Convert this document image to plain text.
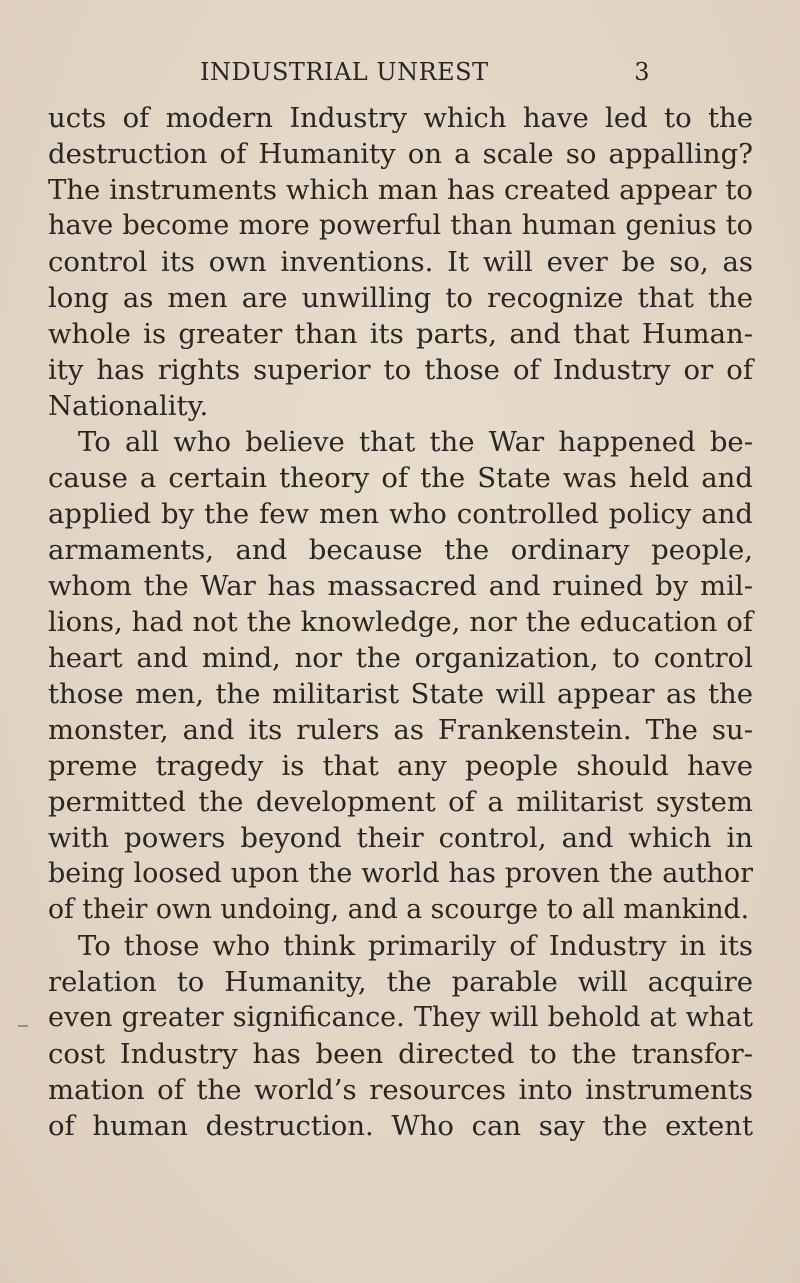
INDUSTRIAL UNREST	3

ucts of modern Industry which have led to the
destruction of Humanity on a scale so appalling?
The instruments which man has created appear to
have become more powerful than human genius to
control its own inventions. It will ever be so, as
long as men are unwilling to recognize that the
whole is greater than its parts, and that Human-
ity has rights superior to those of Industry or of
Nationality.

To all who believe that the War happened be-
cause a certain theory of the State was held and
applied by the few men who controlled policy and
armaments, and because the ordinary people,
whom the War has massacred and ruined by mil-
lions, had not the knowledge, nor the education of
heart and mind, nor the organization, to control
those men, the militarist State will appear as the
monster, and its rulers as Frankenstein. The su-
preme tragedy is that any people should have
permitted the development of a militarist system
with powers beyond their control, and which in
being loosed upon the world has proven the author
of their own undoing, and a scourge to all mankind.

To those who think primarily of Industry in its
relation to Humanity, the parable will acquire
even greater significance. They will behold at what
cost Industry has been directed to the transfor-
mation of the world’s resources into instruments
of human destruction. Who can say the extent
